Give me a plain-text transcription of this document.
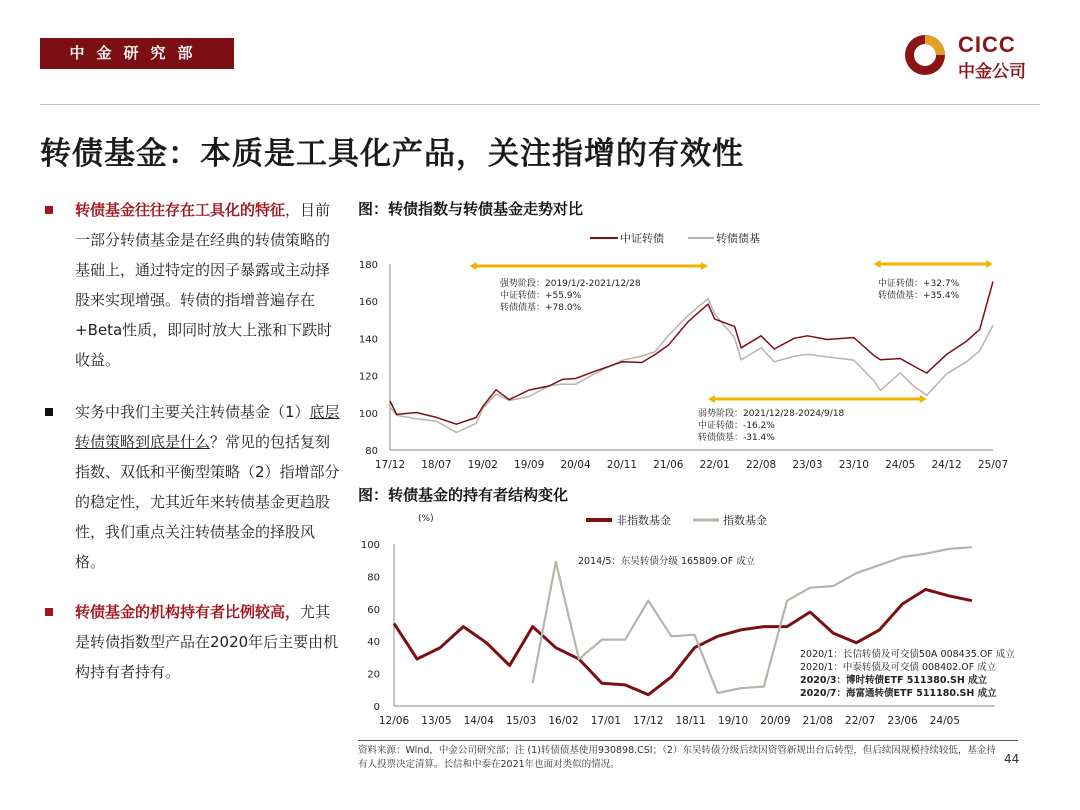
中金研究部	CICC
中金公司
转债基金：本质是工具化产品，关注指增的有效性

转债基金往往存在工具化的特征，目前一部分转债基金是在经典的转债策略的基础上，通过特定的因子暴露或主动择股来实现增强。转债的指增普遍存在+Beta性质，即同时放大上涨和下跌时收益。

实务中我们主要关注转债基金（1）底层转债策略到底是什么？常见的包括复刻指数、双低和平衡型策略（2）指增部分的稳定性，尤其近年来转债基金更趋股性，我们重点关注转债基金的择股风格。

转债基金的机构持有者比例较高，尤其是转债指数型产品在2020年后主要由机构持有者持有。

图：转债指数与转债基金走势对比
80
100
120
140
160
180
17/12 18/07 19/02 19/09 20/04 20/11 21/06 22/01 22/08 23/03 23/10 24/05 24/12 25/07
中证转债	转债债基
强势阶段：2019/1/2-2021/12/28
中证转债：+55.9%
转债债基：+78.0%
中证转债：+32.7%
转债债基：+35.4%
弱势阶段：2021/12/28-2024/9/18
中证转债：-16.2%
转债债基：-31.4%
图：转债基金的持有者结构变化
0
20
40
60
80
100
12/06 13/05 14/04 15/03 16/02 17/01 17/12 18/11 19/10 20/09 21/08 22/07 23/06 24/05
(%)	非指数基金	指数基金
2014/5：东吴转债分级 165809.OF 成立
2020/1：长信转债及可交债50A 008435.OF 成立
2020/1：中泰转债及可交债 008402.OF 成立
2020/3：博时转债ETF 511380.SH 成立
2020/7：海富通转债ETF 511180.SH 成立
资料来源：Wind，中金公司研究部；注 (1)转债债基使用930898.CSI；（2）东吴转债分级后续因资管新规出台后转型，但后续因规模持续较低，基金持有人投票决定清算。长信和中泰在2021年也面对类似的情况。	44
